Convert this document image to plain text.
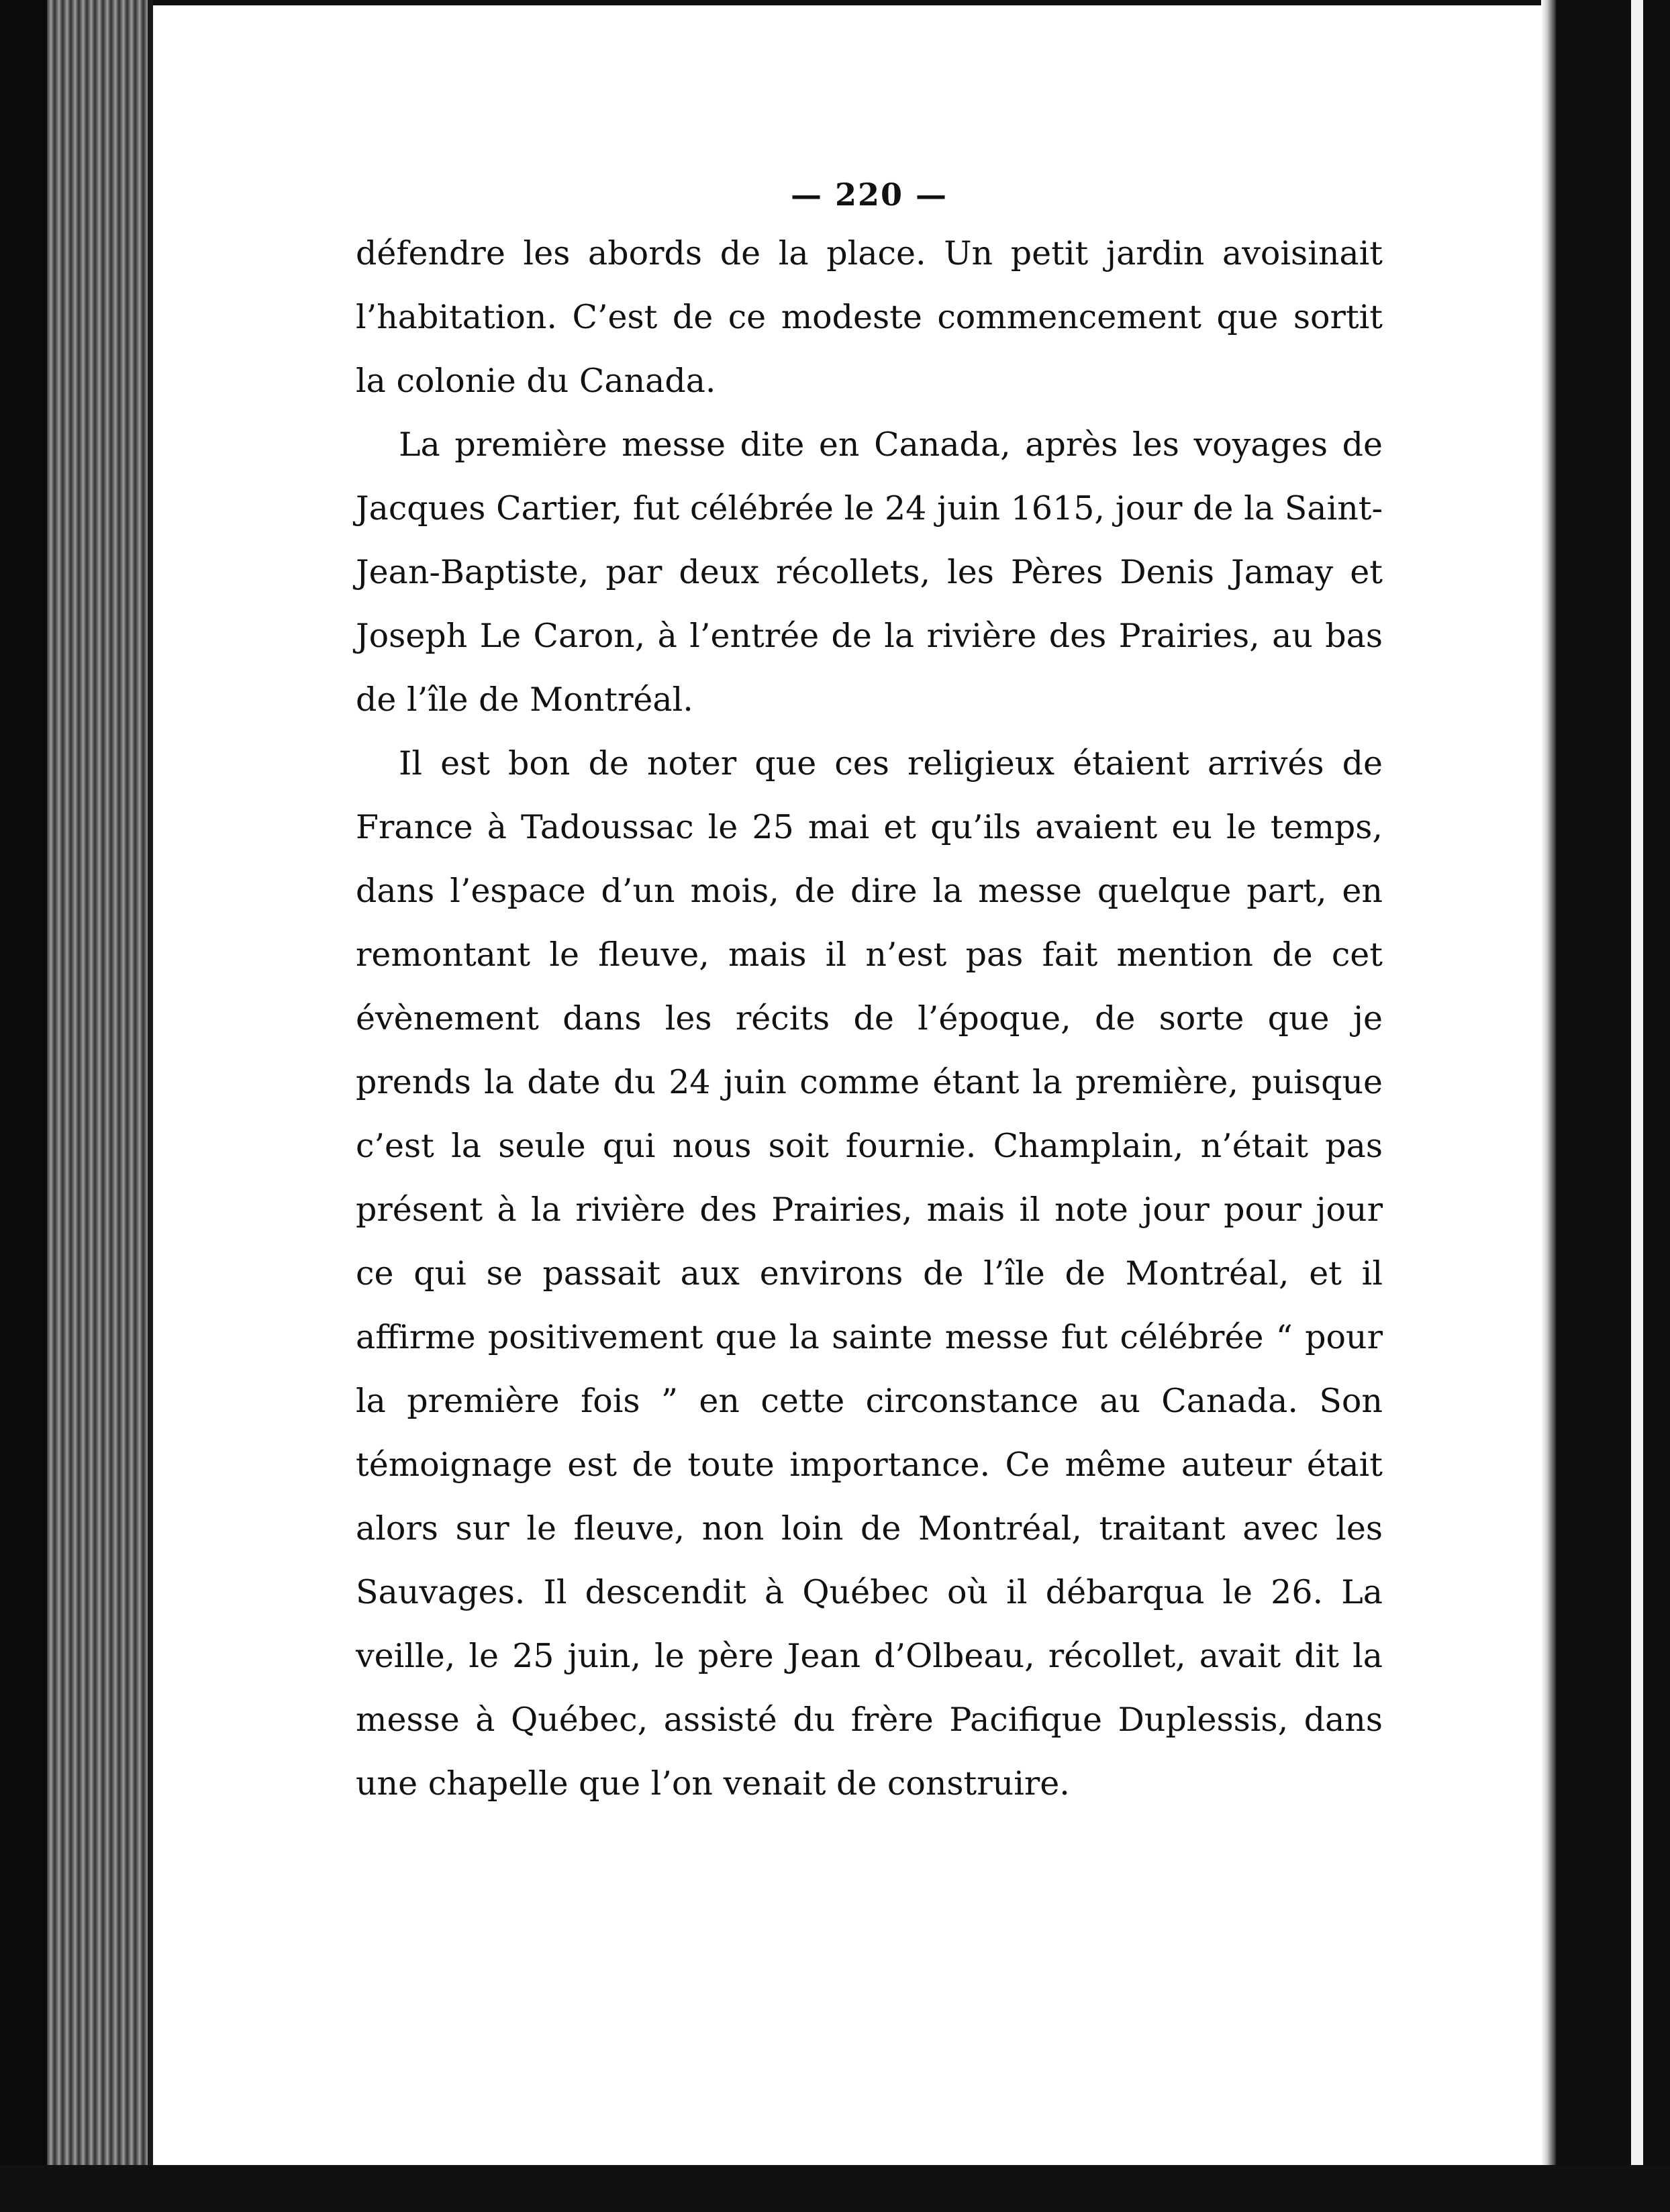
— 220 —

défendre les abords de la place. Un petit jardin avoisinait l’habitation. C’est de ce modeste commencement que sortit la colonie du Canada.

La première messe dite en Canada, après les voyages de Jacques Cartier, fut célébrée le 24 juin 1615, jour de la Saint-Jean-Baptiste, par deux récollets, les Pères Denis Jamay et Joseph Le Caron, à l’entrée de la rivière des Prairies, au bas de l’île de Montréal.

Il est bon de noter que ces religieux étaient arrivés de France à Tadoussac le 25 mai et qu’ils avaient eu le temps, dans l’espace d’un mois, de dire la messe quelque part, en remontant le fleuve, mais il n’est pas fait mention de cet évènement dans les récits de l’époque, de sorte que je prends la date du 24 juin comme étant la première, puisque c’est la seule qui nous soit fournie. Champlain, n’était pas présent à la rivière des Prairies, mais il note jour pour jour ce qui se passait aux environs de l’île de Montréal, et il affirme positivement que la sainte messe fut célébrée “ pour la première fois ” en cette circonstance au Canada. Son témoignage est de toute importance. Ce même auteur était alors sur le fleuve, non loin de Montréal, traitant avec les Sauvages. Il descendit à Québec où il débarqua le 26. La veille, le 25 juin, le père Jean d’Olbeau, récollet, avait dit la messe à Québec, assisté du frère Pacifique Duplessis, dans une chapelle que l’on venait de construire.
